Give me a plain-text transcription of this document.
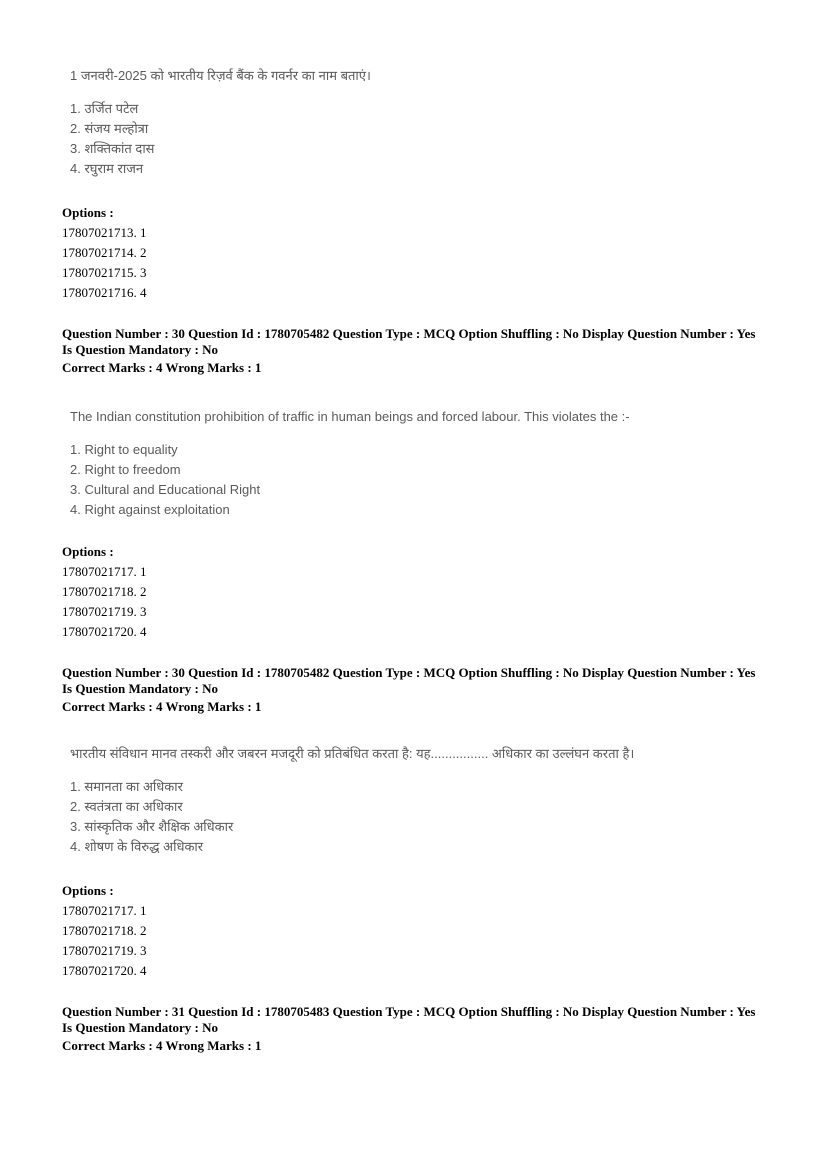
1 जनवरी-2025 को भारतीय रिज़र्व बैंक के गवर्नर का नाम बताएं।
1. उर्जित पटेल
2. संजय मल्होत्रा
3. शक्तिकांत दास
4. रघुराम राजन
Options :
17807021713. 1
17807021714. 2
17807021715. 3
17807021716. 4
Question Number : 30 Question Id : 1780705482 Question Type : MCQ Option Shuffling : No Display Question Number : Yes
Is Question Mandatory : No
Correct Marks : 4 Wrong Marks : 1
The Indian constitution prohibition of traffic in human beings and forced labour. This violates the :-
1. Right to equality
2. Right to freedom
3. Cultural and Educational Right
4. Right against exploitation
Options :
17807021717. 1
17807021718. 2
17807021719. 3
17807021720. 4
Question Number : 30 Question Id : 1780705482 Question Type : MCQ Option Shuffling : No Display Question Number : Yes
Is Question Mandatory : No
Correct Marks : 4 Wrong Marks : 1
भारतीय संविधान मानव तस्करी और जबरन मजदूरी को प्रतिबंधित करता है: यह................ अधिकार का उल्लंघन करता है।
1. समानता का अधिकार
2. स्वतंत्रता का अधिकार
3. सांस्कृतिक और शैक्षिक अधिकार
4. शोषण के विरुद्ध अधिकार
Options :
17807021717. 1
17807021718. 2
17807021719. 3
17807021720. 4
Question Number : 31 Question Id : 1780705483 Question Type : MCQ Option Shuffling : No Display Question Number : Yes
Is Question Mandatory : No
Correct Marks : 4 Wrong Marks : 1
